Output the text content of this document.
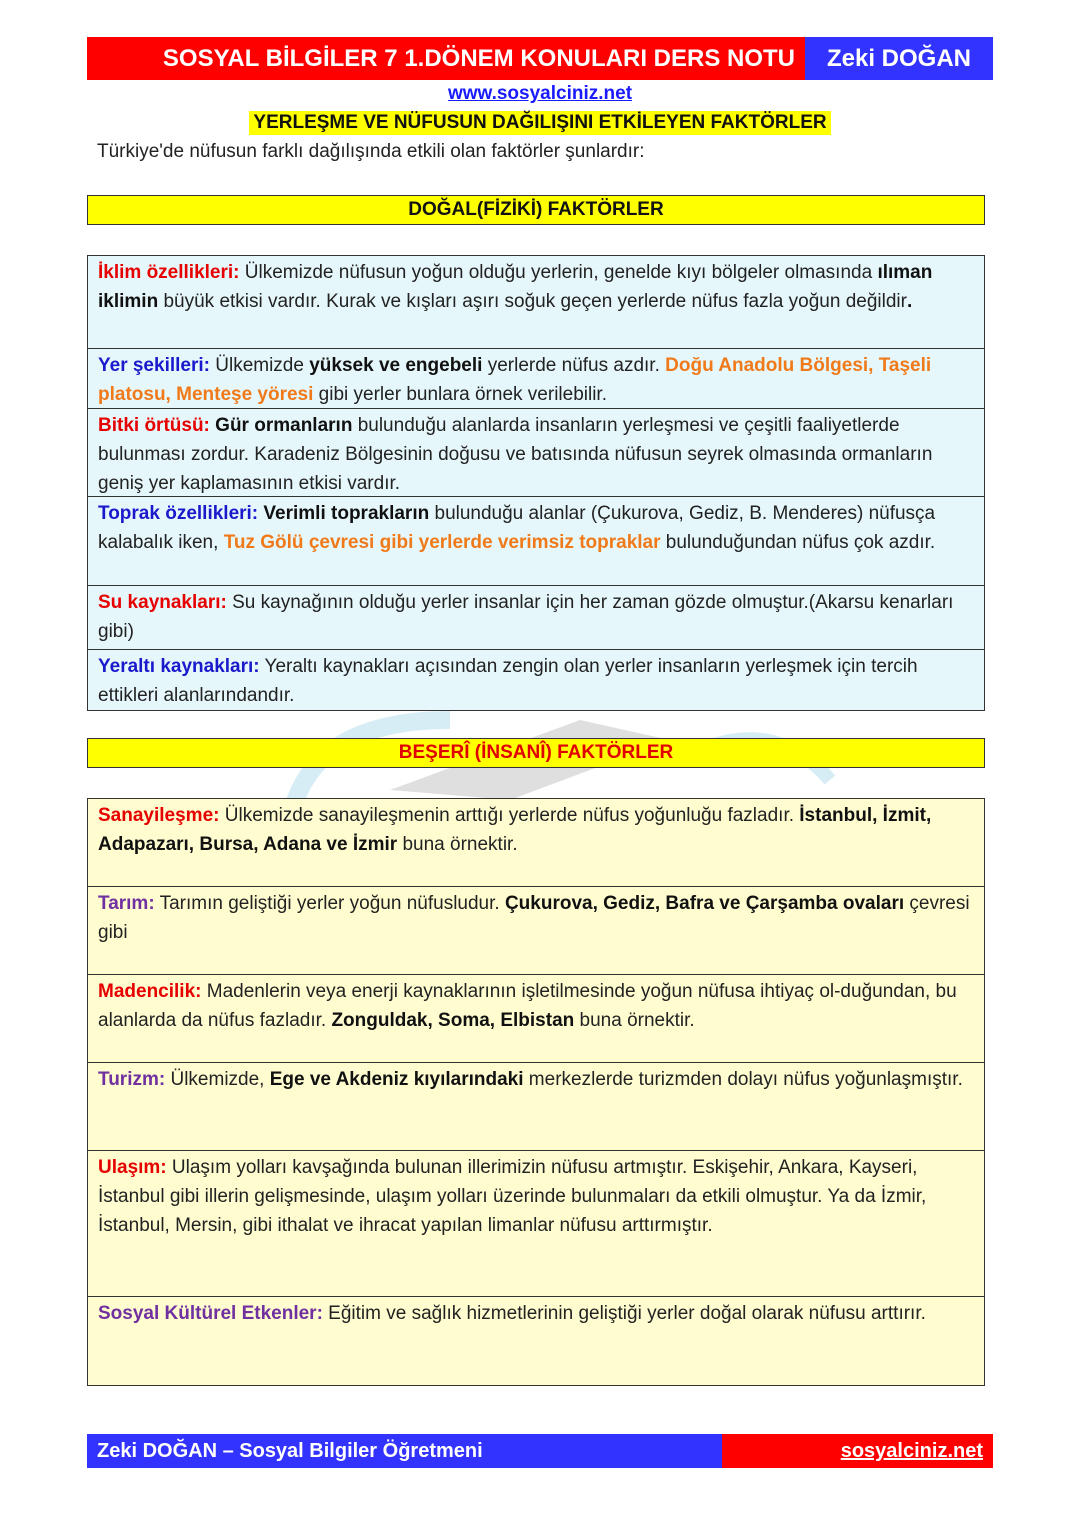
SOSYAL BİLGİLER 7 1.DÖNEM KONULARI DERS NOTU	Zeki DOĞAN
www.sosyalciniz.net
YERLEŞME VE NÜFUSUN DAĞILIŞINI ETKİLEYEN FAKTÖRLER
Türkiye'de nüfusun farklı dağılışında etkili olan faktörler şunlardır:
DOĞAL(FİZİKİ) FAKTÖRLER
İklim özellikleri: Ülkemizde nüfusun yoğun olduğu yerlerin, genelde kıyı bölgeler olmasında ılıman iklimin büyük etkisi vardır. Kurak ve kışları aşırı soğuk geçen yerlerde nüfus fazla yoğun değildir.
Yer şekilleri: Ülkemizde yüksek ve engebeli yerlerde nüfus azdır. Doğu Anadolu Bölgesi, Taşeli platosu, Menteşe yöresi gibi yerler bunlara örnek verilebilir.
Bitki örtüsü: Gür ormanların bulunduğu alanlarda insanların yerleşmesi ve çeşitli faaliyetlerde bulunması zordur. Karadeniz Bölgesinin doğusu ve batısında nüfusun seyrek olmasında ormanların geniş yer kaplamasının etkisi vardır.
Toprak özellikleri: Verimli toprakların bulunduğu alanlar (Çukurova, Gediz, B. Menderes) nüfusça kalabalık iken, Tuz Gölü çevresi gibi yerlerde verimsiz topraklar bulunduğundan nüfus çok azdır.
Su kaynakları: Su kaynağının olduğu yerler insanlar için her zaman gözde olmuştur.(Akarsu kenarları gibi)
Yeraltı kaynakları: Yeraltı kaynakları açısından zengin olan yerler insanların yerleşmek için tercih ettikleri alanlarındandır.
BEŞERÎ (İNSANÎ) FAKTÖRLER
Sanayileşme: Ülkemizde sanayileşmenin arttığı yerlerde nüfus yoğunluğu fazladır. İstanbul, İzmit, Adapazarı, Bursa, Adana ve İzmir buna örnektir.
Tarım: Tarımın geliştiği yerler yoğun nüfusludur. Çukurova, Gediz, Bafra ve Çarşamba ovaları çevresi gibi
Madencilik: Madenlerin veya enerji kaynaklarının işletilmesinde yoğun nüfusa ihtiyaç ol-duğundan, bu alanlarda da nüfus fazladır. Zonguldak, Soma, Elbistan buna örnektir.
Turizm: Ülkemizde, Ege ve Akdeniz kıyılarındaki merkezlerde turizmden dolayı nüfus yoğunlaşmıştır.
Ulaşım: Ulaşım yolları kavşağında bulunan illerimizin nüfusu artmıştır. Eskişehir, Ankara, Kayseri, İstanbul gibi illerin gelişmesinde, ulaşım yolları üzerinde bulunmaları da etkili olmuştur. Ya da İzmir, İstanbul, Mersin, gibi ithalat ve ihracat yapılan limanlar nüfusu arttırmıştır.
Sosyal Kültürel Etkenler: Eğitim ve sağlık hizmetlerinin geliştiği yerler doğal olarak nüfusu arttırır.
Zeki DOĞAN – Sosyal Bilgiler Öğretmeni	sosyalciniz.net
